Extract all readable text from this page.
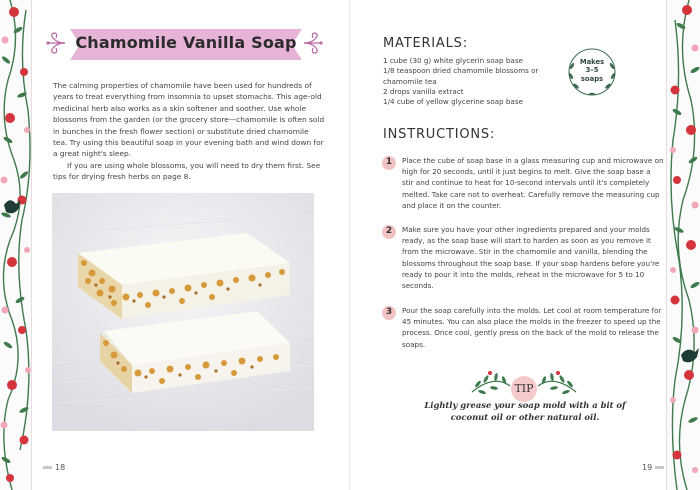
Chamomile Vanilla Soap

The calming properties of chamomile have been used for hundreds of years to treat everything from insomnia to upset stomachs. This age-old medicinal herb also works as a skin softener and soother. Use whole blossoms from the garden (or the grocery store—chamomile is often sold in bunches in the fresh flower section) or substitute dried chamomile tea. Try using this beautiful soap in your evening bath and wind down for a great night's sleep.

If you are using whole blossoms, you will need to dry them first. See tips for drying fresh herbs on page 8.

18
MATERIALS:
1 cube (30 g) white glycerin soap base
1/8 teaspoon dried chamomile blossoms or chamomile tea
2 drops vanilla extract
1/4 cube of yellow glycerine soap base
Makes
3–5
soaps
INSTRUCTIONS:
1	Place the cube of soap base in a glass measuring cup and microwave on high for 20 seconds, until it just begins to melt. Give the soap base a stir and continue to heat for 10-second intervals until it's completely melted. Take care not to overheat. Carefully remove the measuring cup and place it on the counter.

2	Make sure you have your other ingredients prepared and your molds ready, as the soap base will start to harden as soon as you remove it from the microwave. Stir in the chamomile and vanilla, blending the blossoms throughout the soap base. If your soap hardens before you're ready to pour it into the molds, reheat in the microwave for 5 to 10 seconds.

3	Pour the soap carefully into the molds. Let cool at room temperature for 45 minutes. You can also place the molds in the freezer to speed up the process. Once cool, gently press on the back of the mold to release the soaps.

TIP
Lightly grease your soap mold with a bit of coconut oil or other natural oil.
19
